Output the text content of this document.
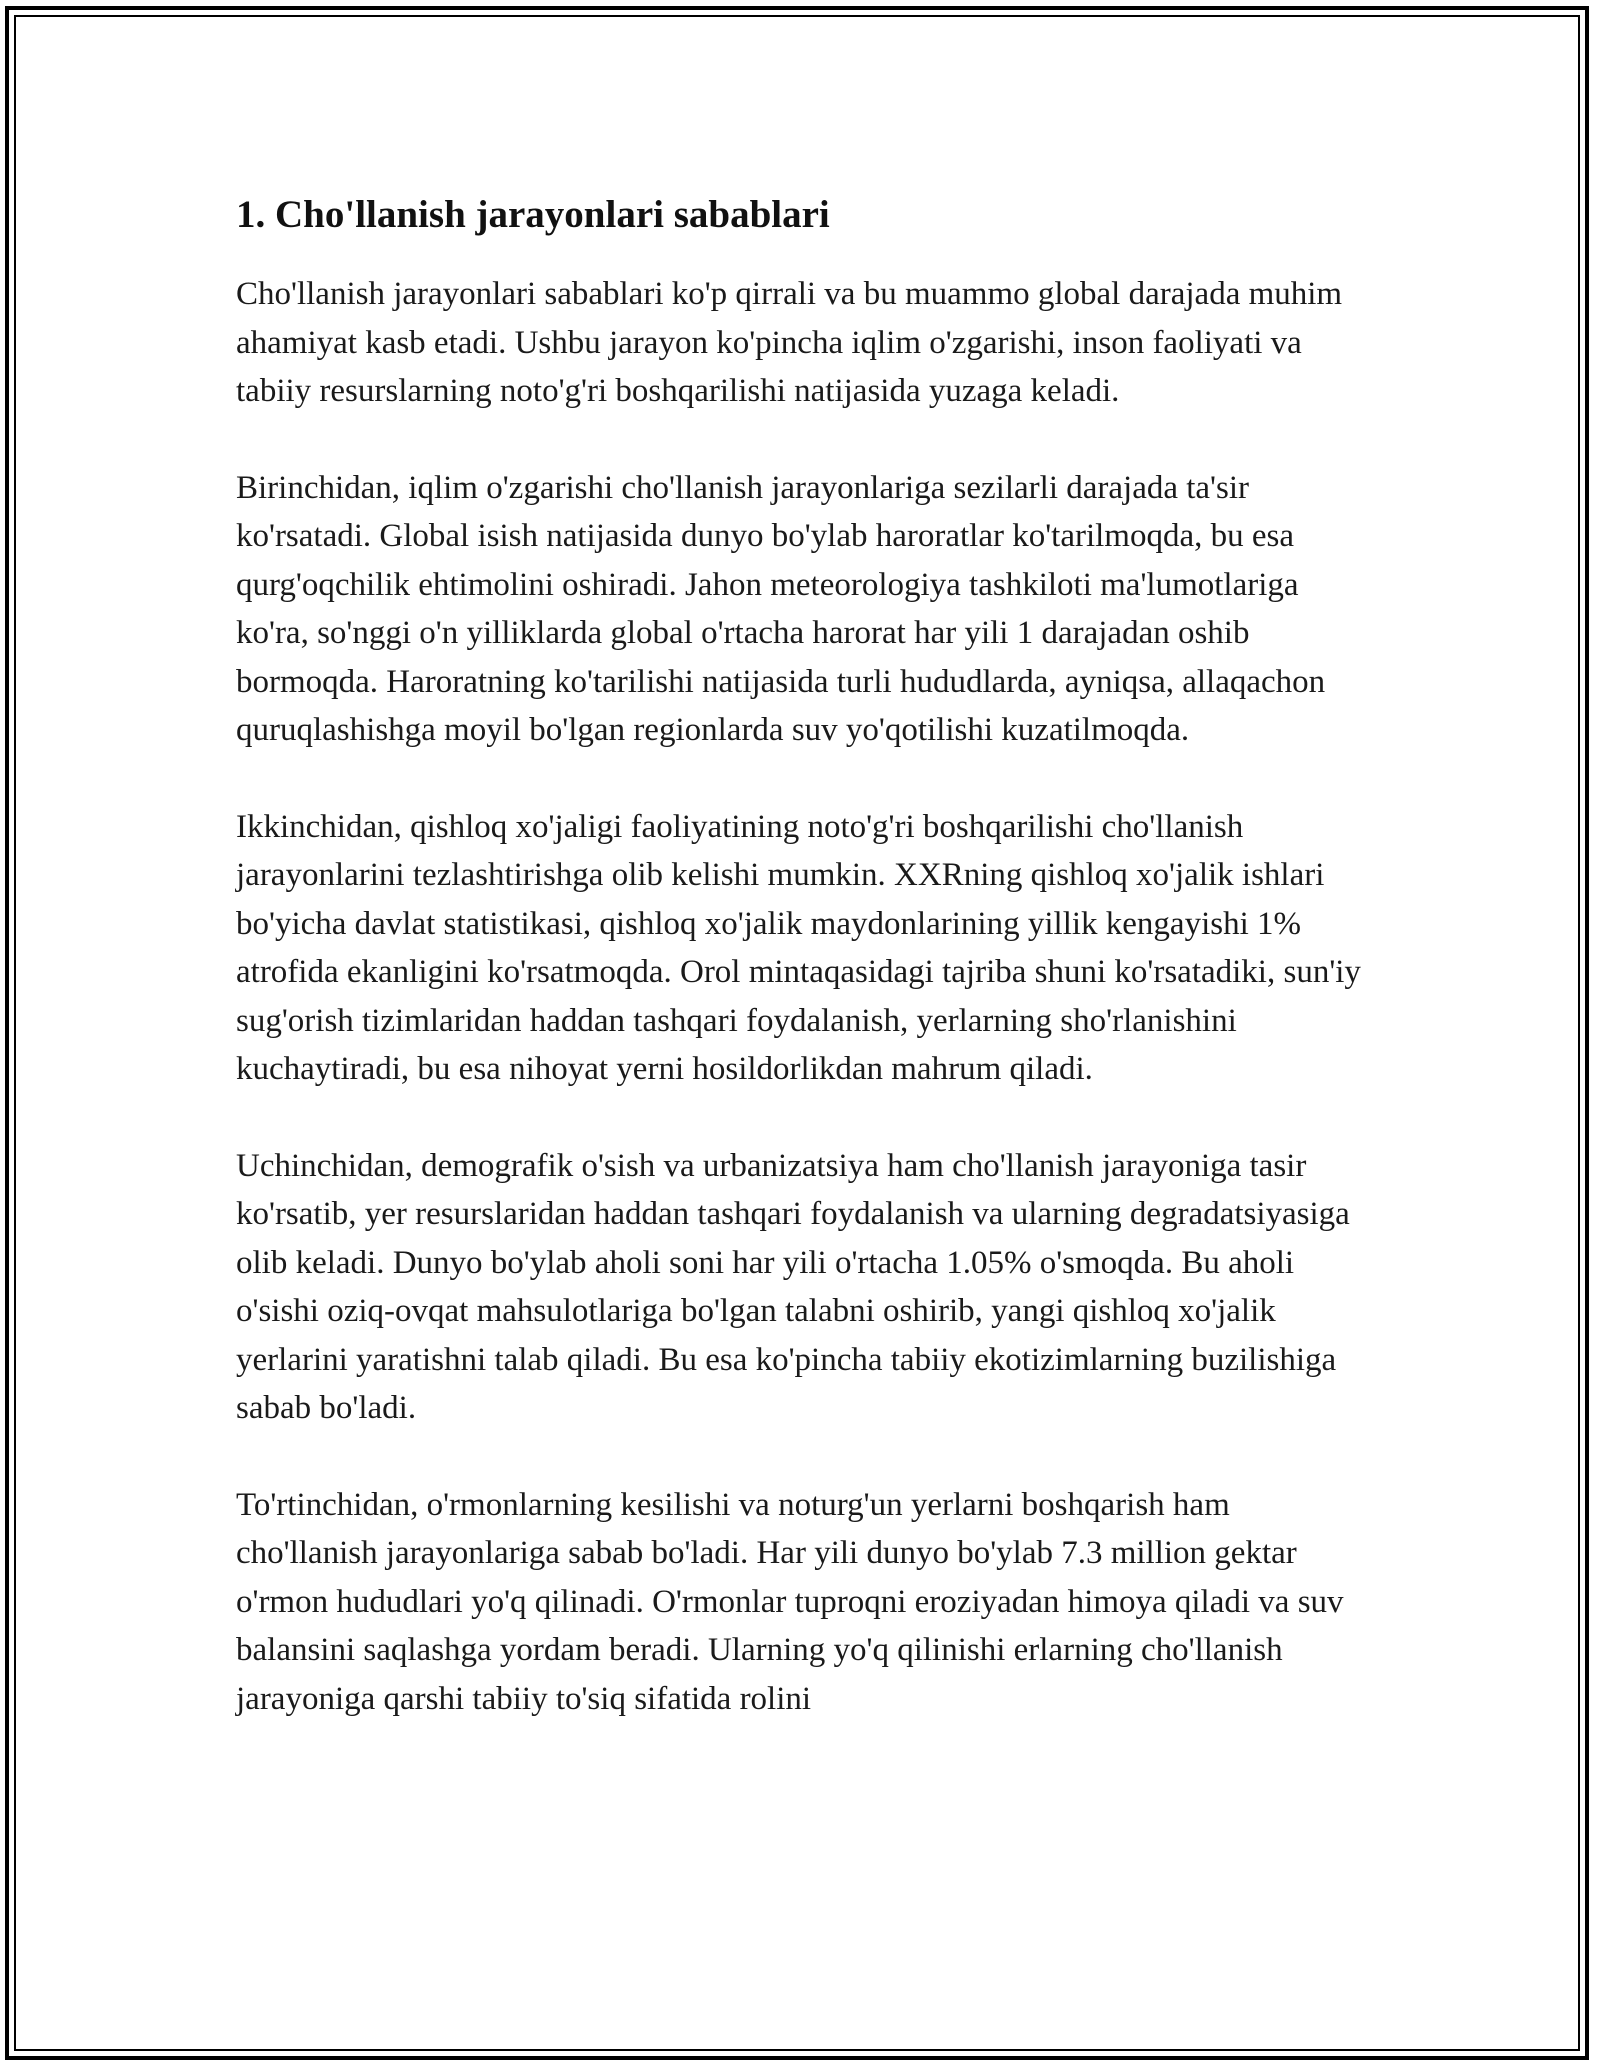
1. Cho'llanish jarayonlari sabablari

Cho'llanish jarayonlari sabablari ko'p qirrali va bu muammo global darajada muhim ahamiyat kasb etadi. Ushbu jarayon ko'pincha iqlim o'zgarishi, inson faoliyati va tabiiy resurslarning noto'g'ri boshqarilishi natijasida yuzaga keladi.

Birinchidan, iqlim o'zgarishi cho'llanish jarayonlariga sezilarli darajada ta'sir ko'rsatadi. Global isish natijasida dunyo bo'ylab haroratlar ko'tarilmoqda, bu esa qurg'oqchilik ehtimolini oshiradi. Jahon meteorologiya tashkiloti ma'lumotlariga ko'ra, so'nggi o'n yilliklarda global o'rtacha harorat har yili 1 darajadan oshib bormoqda. Haroratning ko'tarilishi natijasida turli hududlarda, ayniqsa, allaqachon quruqlashishga moyil bo'lgan regionlarda suv yo'qotilishi kuzatilmoqda.

Ikkinchidan, qishloq xo'jaligi faoliyatining noto'g'ri boshqarilishi cho'llanish jarayonlarini tezlashtirishga olib kelishi mumkin. XXRning qishloq xo'jalik ishlari bo'yicha davlat statistikasi, qishloq xo'jalik maydonlarining yillik kengayishi 1% atrofida ekanligini ko'rsatmoqda. Orol mintaqasidagi tajriba shuni ko'rsatadiki, sun'iy sug'orish tizimlaridan haddan tashqari foydalanish, yerlarning sho'rlanishini kuchaytiradi, bu esa nihoyat yerni hosildorlikdan mahrum qiladi.

Uchinchidan, demografik o'sish va urbanizatsiya ham cho'llanish jarayoniga tasir ko'rsatib, yer resurslaridan haddan tashqari foydalanish va ularning degradatsiyasiga olib keladi. Dunyo bo'ylab aholi soni har yili o'rtacha 1.05% o'smoqda. Bu aholi o'sishi oziq-ovqat mahsulotlariga bo'lgan talabni oshirib, yangi qishloq xo'jalik yerlarini yaratishni talab qiladi. Bu esa ko'pincha tabiiy ekotizimlarning buzilishiga sabab bo'ladi.

To'rtinchidan, o'rmonlarning kesilishi va noturg'un yerlarni boshqarish ham cho'llanish jarayonlariga sabab bo'ladi. Har yili dunyo bo'ylab 7.3 million gektar o'rmon hududlari yo'q qilinadi. O'rmonlar tuproqni eroziyadan himoya qiladi va suv balansini saqlashga yordam beradi. Ularning yo'q qilinishi erlarning cho'llanish jarayoniga qarshi tabiiy to'siq sifatida rolini
